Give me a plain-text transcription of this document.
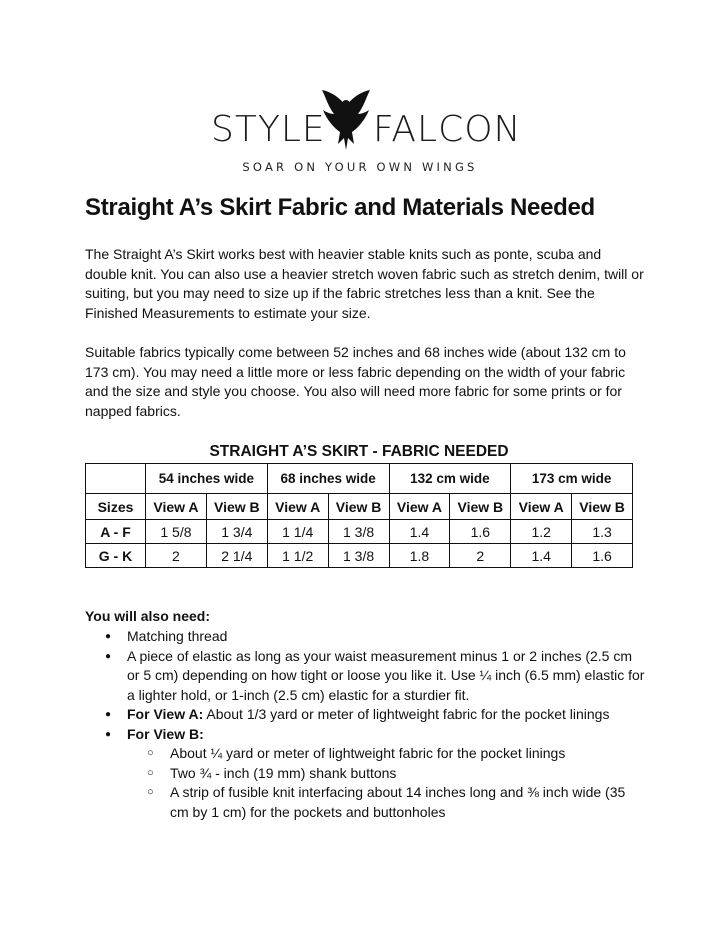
STYLE FALCON
SOAR ON YOUR OWN WINGS
Straight A’s Skirt Fabric and Materials Needed

The Straight A’s Skirt works best with heavier stable knits such as ponte, scuba and double knit. You can also use a heavier stretch woven fabric such as stretch denim, twill or suiting, but you may need to size up if the fabric stretches less than a knit. See the Finished Measurements to estimate your size.

Suitable fabrics typically come between 52 inches and 68 inches wide (about 132 cm to 173 cm). You may need a little more or less fabric depending on the width of your fabric and the size and style you choose. You also will need more fabric for some prints or for napped fabrics.

STRAIGHT A’S SKIRT - FABRIC NEEDED
	54 inches wide		68 inches wide		132 cm wide		173 cm wide	
Sizes	View A	View B	View A	View B	View A	View B	View A	View B
A - F	1 5/8	1 3/4	1 1/4	1 3/8	1.4	1.6	1.2	1.3
G - K	2	2 1/4	1 1/2	1 3/8	1.8	2	1.4	1.6
You will also need:
● Matching thread
● A piece of elastic as long as your waist measurement minus 1 or 2 inches (2.5 cm or 5 cm) depending on how tight or loose you like it. Use ¼ inch (6.5 mm) elastic for a lighter hold, or 1-inch (2.5 cm) elastic for a sturdier fit.
● For View A: About 1/3 yard or meter of lightweight fabric for the pocket linings
● For View B:
○ About ¼ yard or meter of lightweight fabric for the pocket linings
○ Two ¾ - inch (19 mm) shank buttons
○ A strip of fusible knit interfacing about 14 inches long and ⅜ inch wide (35 cm by 1 cm) for the pockets and buttonholes
